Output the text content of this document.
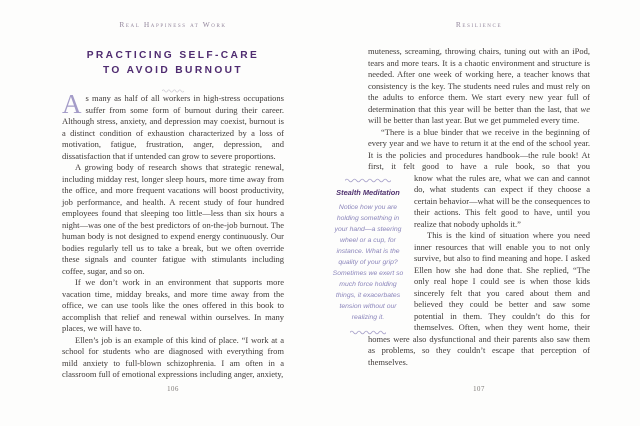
Real Happiness at Work
PRACTICING SELF-CARE
TO AVOID BURNOUT

As many as half of all workers in high-stress occupations suffer from some form of burnout during their career. Although stress, anxiety, and depression may coexist, burnout is a distinct condition of exhaustion characterized by a loss of motivation, fatigue, frustration, anger, depression, and dissatisfaction that if untended can grow to severe proportions.

A growing body of research shows that strategic renewal, including midday rest, longer sleep hours, more time away from the office, and more frequent vacations will boost productivity, job performance, and health. A recent study of four hundred employees found that sleeping too little—less than six hours a night—was one of the best predictors of on-the-job burnout. The human body is not designed to expend energy continuously. Our bodies regularly tell us to take a break, but we often override these signals and counter fatigue with stimulants including coffee, sugar, and so on.

If we don’t work in an environment that supports more vacation time, midday breaks, and more time away from the office, we can use tools like the ones offered in this book to accomplish that relief and renewal within ourselves. In many places, we will have to.

Ellen’s job is an example of this kind of place. “I work at a school for students who are diagnosed with everything from mild anxiety to full-blown schizophrenia. I am often in a classroom full of emotional expressions including anger, anxiety,

106
Resilience

muteness, screaming, throwing chairs, tuning out with an iPod, tears and more tears. It is a chaotic environment and structure is needed. After one week of working here, a teacher knows that consistency is the key. The students need rules and must rely on the adults to enforce them. We start every new year full of determination that this year will be better than the last, that we will be better than last year. But we get pummeled every time.

“There is a blue binder that we receive in the beginning of every year and we have to return it at the end of the school year. It is the policies and procedures handbook—the rule book! At first, it felt good to have a rule book, so that you

Stealth Meditation
Notice how you are holding something in your hand—a steering wheel or a cup, for instance. What is the quality of your grip? Sometimes we exert so much force holding things, it exacerbates tension without our realizing it.

know what the rules are, what we can and cannot do, what students can expect if they choose a certain behavior—what will be the consequences to their actions. This felt good to have, until you realize that nobody upholds it.”

This is the kind of situation where you need inner resources that will enable you to not only survive, but also to find meaning and hope. I asked Ellen how she had done that. She replied, “The only real hope I could see is when those kids sincerely felt that you cared about them and believed they could be better and saw some potential in them. They couldn’t do this for themselves. Often, when they went home, their

homes were also dysfunctional and their parents also saw them as problems, so they couldn’t escape that perception of themselves.

107
